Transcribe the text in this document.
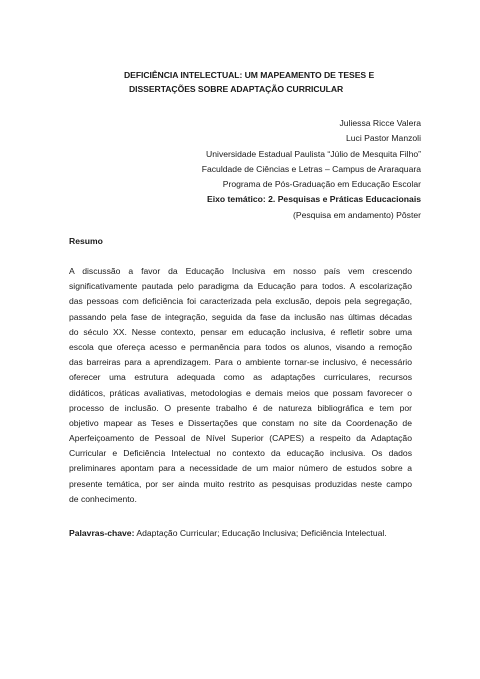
DEFICIÊNCIA INTELECTUAL: UM MAPEAMENTO DE TESES E
DISSERTAÇÕES SOBRE ADAPTAÇÃO CURRICULAR
Juliessa Ricce Valera
Luci Pastor Manzoli
Universidade Estadual Paulista “Júlio de Mesquita Filho”
Faculdade de Ciências e Letras – Campus de Araraquara
Programa de Pós-Graduação em Educação Escolar
Eixo temático: 2. Pesquisas e Práticas Educacionais
(Pesquisa em andamento) Pôster
Resumo
A discussão a favor da Educação Inclusiva em nosso país vem crescendo
significativamente pautada pelo paradigma da Educação para todos. A escolarização
das pessoas com deficiência foi caracterizada pela exclusão, depois pela segregação,
passando pela fase de integração, seguida da fase da inclusão nas últimas décadas
do século XX. Nesse contexto, pensar em educação inclusiva, é refletir sobre uma
escola que ofereça acesso e permanência para todos os alunos, visando a remoção
das barreiras para a aprendizagem. Para o ambiente tornar-se inclusivo, é necessário
oferecer uma estrutura adequada como as adaptações curriculares, recursos
didáticos, práticas avaliativas, metodologias e demais meios que possam favorecer o
processo de inclusão. O presente trabalho é de natureza bibliográfica e tem por
objetivo mapear as Teses e Dissertações que constam no site da Coordenação de
Aperfeiçoamento de Pessoal de Nível Superior (CAPES) a respeito da Adaptação
Curricular e Deficiência Intelectual no contexto da educação inclusiva. Os dados
preliminares apontam para a necessidade de um maior número de estudos sobre a
presente temática, por ser ainda muito restrito as pesquisas produzidas neste campo
de conhecimento.
Palavras-chave: Adaptação Curricular; Educação Inclusiva; Deficiência Intelectual.
